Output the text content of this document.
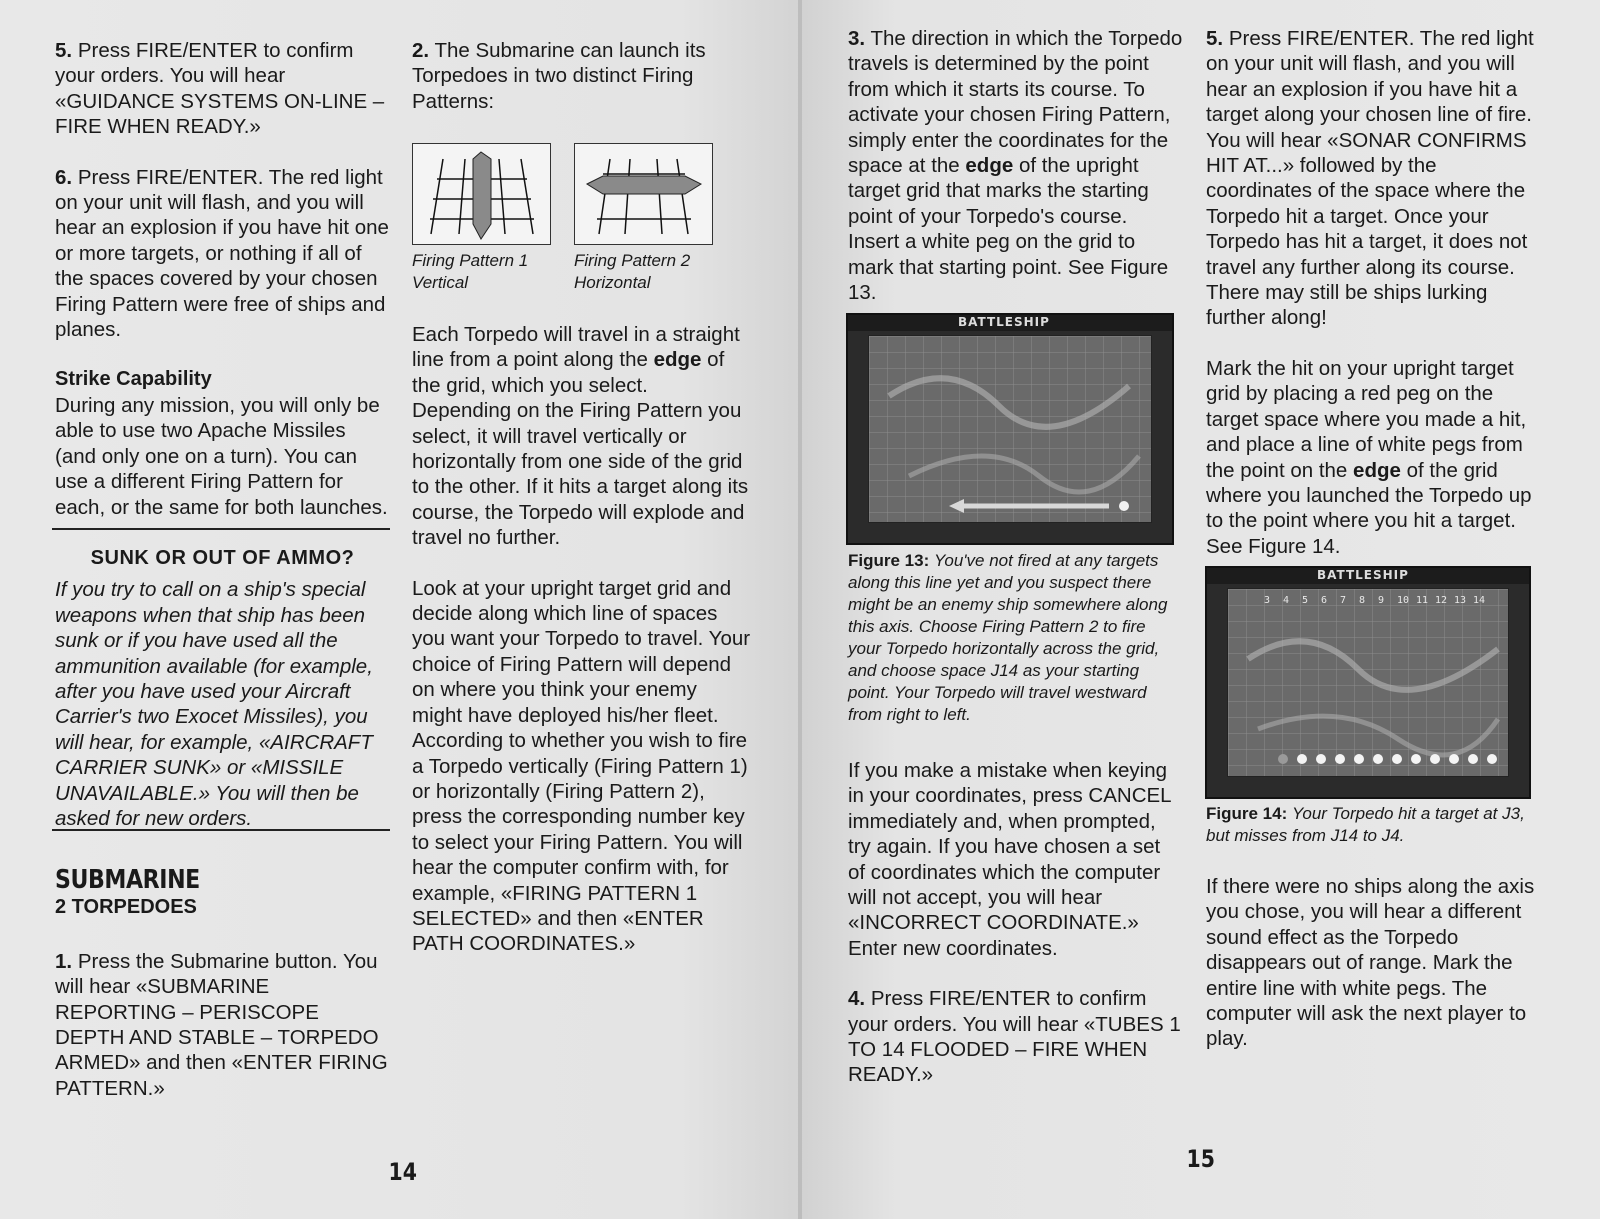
5. Press FIRE/ENTER to confirm your orders. You will hear «GUIDANCE SYSTEMS ON-LINE – FIRE WHEN READY.»

6. Press FIRE/ENTER. The red light on your unit will flash, and you will hear an explosion if you have hit one or more targets, or nothing if all of the spaces covered by your chosen Firing Pattern were free of ships and planes.

Strike Capability

During any mission, you will only be able to use two Apache Missiles (and only one on a turn). You can use a different Firing Pattern for each, or the same for both launches.

SUNK OR OUT OF AMMO?
If you try to call on a ship's special weapons when that ship has been sunk or if you have used all the ammunition available (for example, after you have used your Aircraft Carrier's two Exocet Missiles), you will hear, for example, «AIRCRAFT CARRIER SUNK» or «MISSILE UNAVAILABLE.» You will then be asked for new orders.
SUBMARINE
2 TORPEDOES

1. Press the Submarine button. You will hear «SUBMARINE REPORTING – PERISCOPE DEPTH AND STABLE – TORPEDO ARMED» and then «ENTER FIRING PATTERN.»

2. The Submarine can launch its Torpedoes in two distinct Firing Patterns:

Firing Pattern 1
Vertical
Firing Pattern 2
Horizontal

Each Torpedo will travel in a straight line from a point along the edge of the grid, which you select. Depending on the Firing Pattern you select, it will travel vertically or horizontally from one side of the grid to the other. If it hits a target along its course, the Torpedo will explode and travel no further.

Look at your upright target grid and decide along which line of spaces you want your Torpedo to travel. Your choice of Firing Pattern will depend on where you think your enemy might have deployed his/her fleet. According to whether you wish to fire a Torpedo vertically (Firing Pattern 1) or horizontally (Firing Pattern 2), press the corresponding number key to select your Firing Pattern. You will hear the computer confirm with, for example, «FIRING PATTERN 1 SELECTED» and then «ENTER PATH COORDINATES.»

14

3. The direction in which the Torpedo travels is determined by the point from which it starts its course. To activate your chosen Firing Pattern, simply enter the coordinates for the space at the edge of the upright target grid that marks the starting point of your Torpedo's course. Insert a white peg on the grid to mark that starting point. See Figure 13.

BATTLESHIP
Figure 13: You've not fired at any targets along this line yet and you suspect there might be an enemy ship somewhere along this axis. Choose Firing Pattern 2 to fire your Torpedo horizontally across the grid, and choose space J14 as your starting point. Your Torpedo will travel westward from right to left.

If you make a mistake when keying in your coordinates, press CANCEL immediately and, when prompted, try again. If you have chosen a set of coordinates which the computer will not accept, you will hear «INCORRECT COORDINATE.» Enter new coordinates.

4. Press FIRE/ENTER to confirm your orders. You will hear «TUBES 1 TO 14 FLOODED – FIRE WHEN READY.»

5. Press FIRE/ENTER. The red light on your unit will flash, and you will hear an explosion if you have hit a target along your chosen line of fire. You will hear «SONAR CONFIRMS HIT AT...» followed by the coordinates of the space where the Torpedo hit a target. Once your Torpedo has hit a target, it does not travel any further along its course. There may still be ships lurking further along!

Mark the hit on your upright target grid by placing a red peg on the target space where you made a hit, and place a line of white pegs from the point on the edge of the grid where you launched the Torpedo up to the point where you hit a target. See Figure 14.

BATTLESHIP
3 4 5 6 7 8 9 10 11 12 13 14
Figure 14: Your Torpedo hit a target at J3, but misses from J14 to J4.

If there were no ships along the axis you chose, you will hear a different sound effect as the Torpedo disappears out of range. Mark the entire line with white pegs. The computer will ask the next player to play.

15
